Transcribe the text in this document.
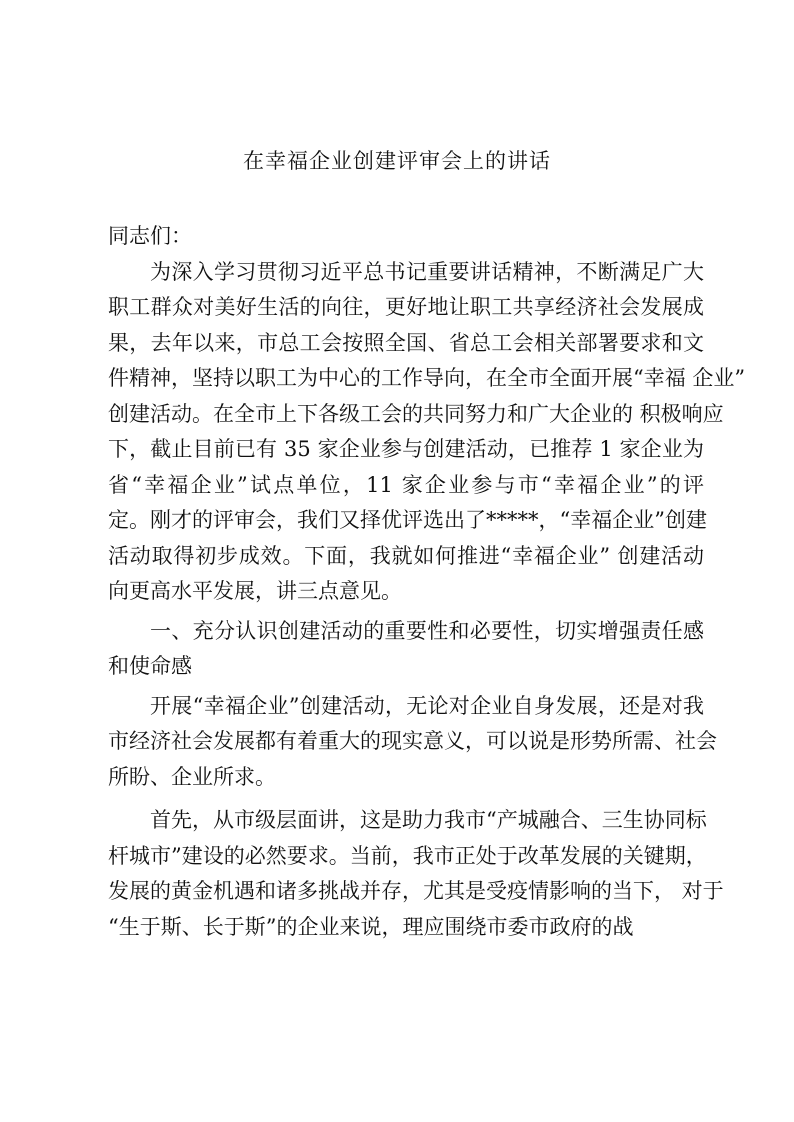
在幸福企业创建评审会上的讲话
同志们：
为深入学习贯彻习近平总书记重要讲话精神，不断满足广大
职工群众对美好生活的向往，更好地让职工共享经济社会发展成
果，去年以来，市总工会按照全国、省总工会相关部署要求和文
件精神，坚持以职工为中心的工作导向，在全市全面开展“幸福 企业”
创建活动。在全市上下各级工会的共同努力和广大企业的 积极响应
下，截止目前已有 35 家企业参与创建活动，已推荐 1 家企业为
省“幸福企业”试点单位，11 家企业参与市“幸福企业”的评
定。刚才的评审会，我们又择优评选出了*****，“幸福企业”创建
活动取得初步成效。下面，我就如何推进“幸福企业” 创建活动
向更高水平发展，讲三点意见。
一、充分认识创建活动的重要性和必要性，切实增强责任感
和使命感
开展“幸福企业”创建活动，无论对企业自身发展，还是对我
市经济社会发展都有着重大的现实意义，可以说是形势所需、社会
所盼、企业所求。
首先，从市级层面讲，这是助力我市“产城融合、三生协同标
杆城市”建设的必然要求。当前，我市正处于改革发展的关键期，
发展的黄金机遇和诸多挑战并存，尤其是受疫情影响的当下， 对于
“生于斯、长于斯”的企业来说，理应围绕市委市政府的战
